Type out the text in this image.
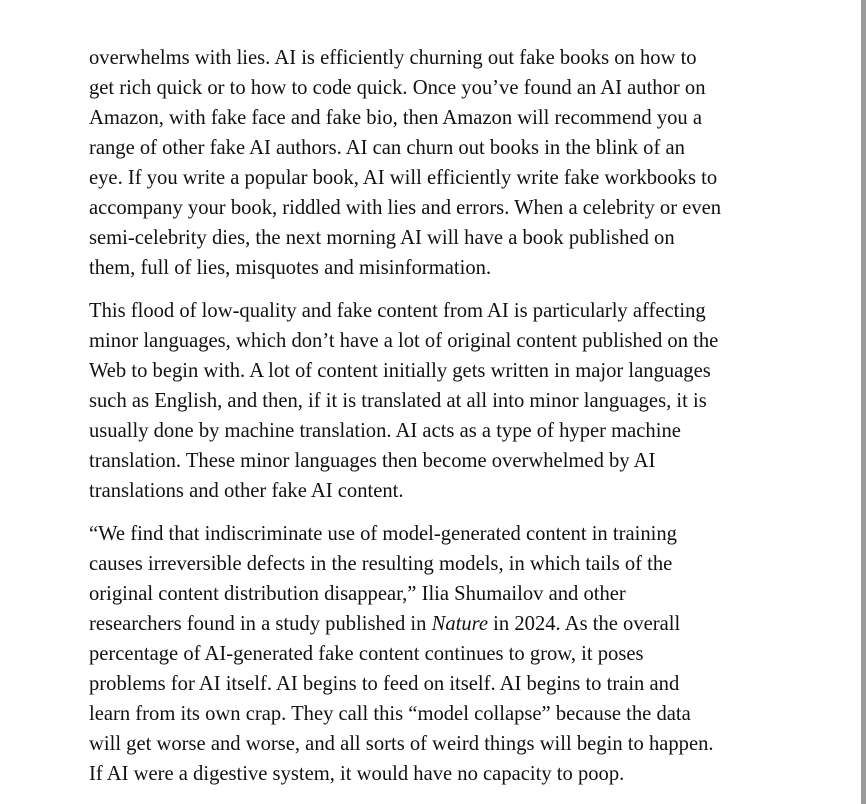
overwhelms with lies. AI is efficiently churning out fake books on how to
get rich quick or to how to code quick. Once you’ve found an AI author on
Amazon, with fake face and fake bio, then Amazon will recommend you a
range of other fake AI authors. AI can churn out books in the blink of an
eye. If you write a popular book, AI will efficiently write fake workbooks to
accompany your book, riddled with lies and errors. When a celebrity or even
semi-celebrity dies, the next morning AI will have a book published on
them, full of lies, misquotes and misinformation.

This flood of low-quality and fake content from AI is particularly affecting
minor languages, which don’t have a lot of original content published on the
Web to begin with. A lot of content initially gets written in major languages
such as English, and then, if it is translated at all into minor languages, it is
usually done by machine translation. AI acts as a type of hyper machine
translation. These minor languages then become overwhelmed by AI
translations and other fake AI content.

“We find that indiscriminate use of model-generated content in training
causes irreversible defects in the resulting models, in which tails of the
original content distribution disappear,” Ilia Shumailov and other
researchers found in a study published in Nature in 2024. As the overall
percentage of AI-generated fake content continues to grow, it poses
problems for AI itself. AI begins to feed on itself. AI begins to train and
learn from its own crap. They call this “model collapse” because the data
will get worse and worse, and all sorts of weird things will begin to happen.
If AI were a digestive system, it would have no capacity to poop.
